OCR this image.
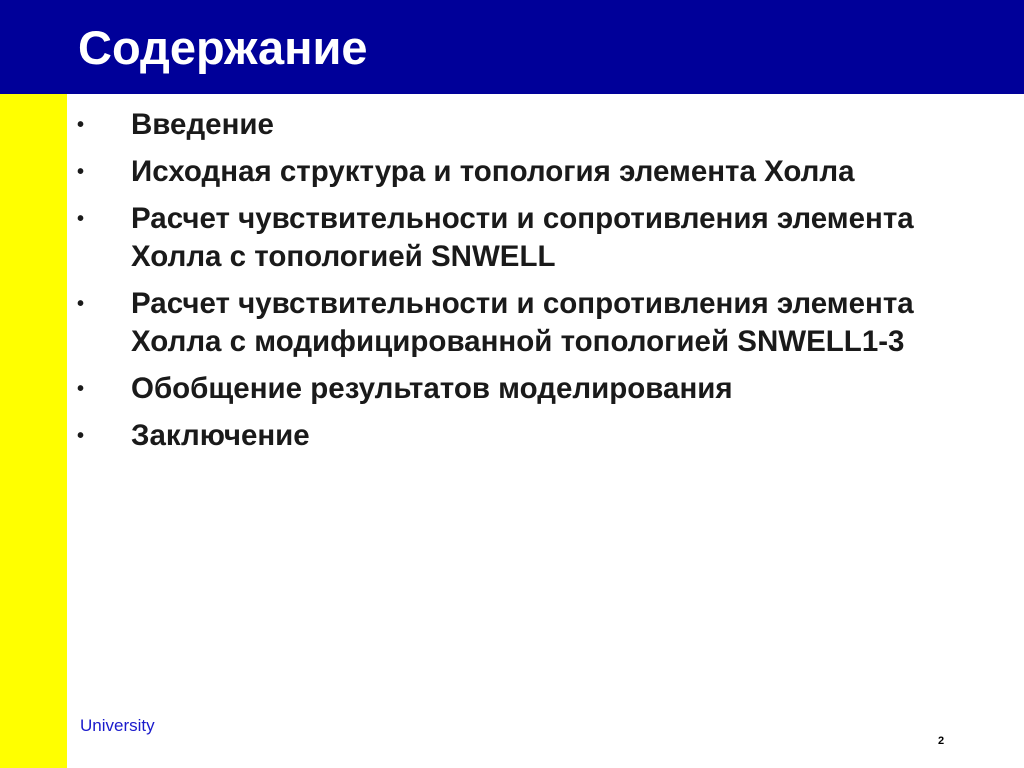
Содержание
•	Введение
•	Исходная структура и топология элемента Холла
•	Расчет чувствительности и сопротивления элемента Холла с топологией SNWELL
•	Расчет чувствительности и сопротивления элемента Холла с модифицированной топологией SNWELL1-3
•	Обобщение результатов моделирования
•	Заключение
University
2
